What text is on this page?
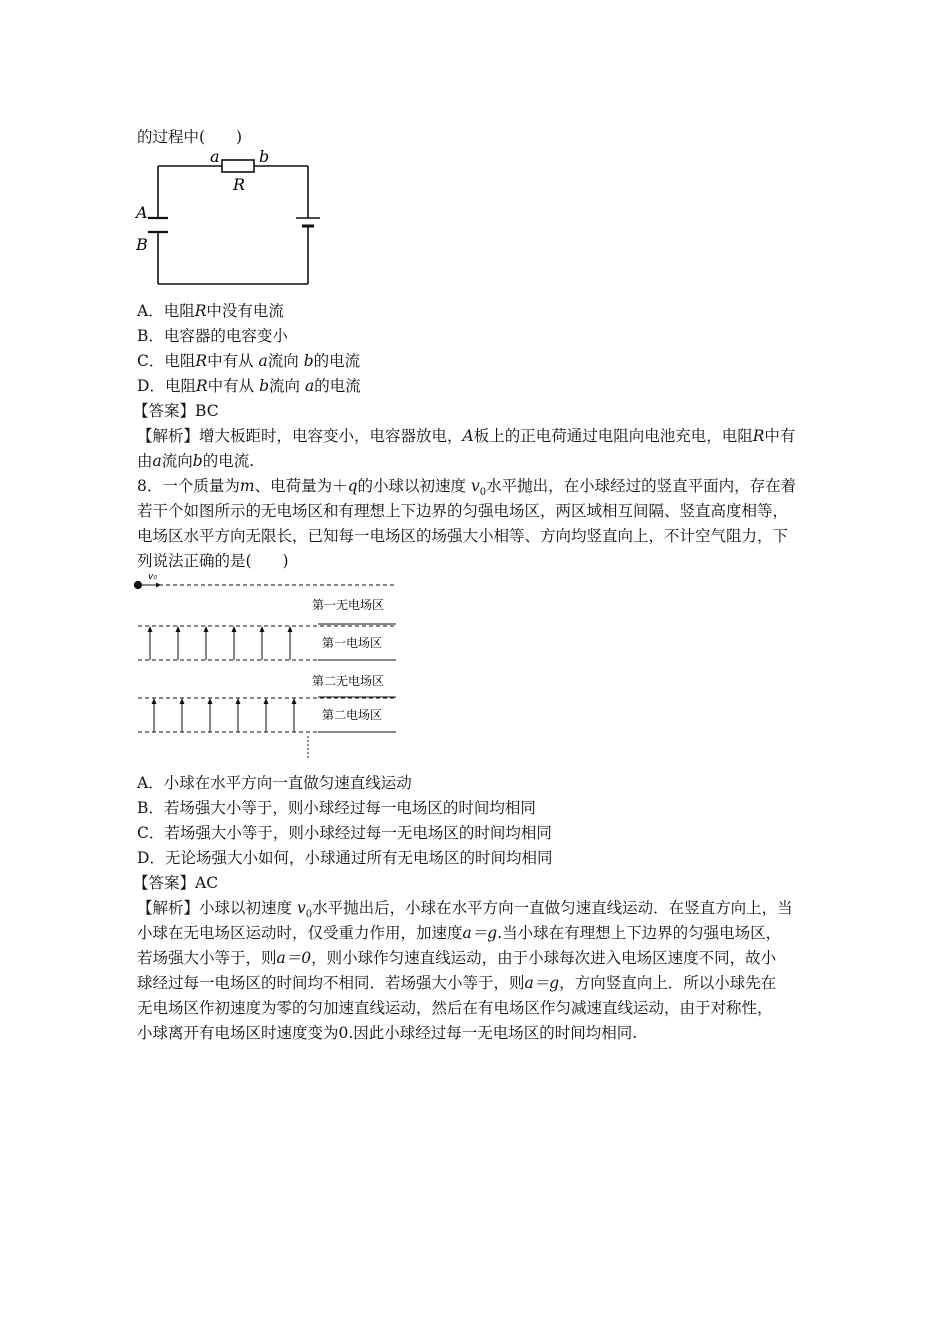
的过程中(　　)
a b
R
A
B
A．电阻R中没有电流
B．电容器的电容变小
C．电阻R中有从 a流向 b的电流
D．电阻R中有从 b流向 a的电流
【答案】BC
【解析】增大板距时，电容变小，电容器放电，A板上的正电荷通过电阻向电池充电，电阻R中有
由a流向b的电流.
8．一个质量为m、电荷量为＋q的小球以初速度 $v_0$水平抛出，在小球经过的竖直平面内，存在着
若干个如图所示的无电场区和有理想上下边界的匀强电场区，两区域相互间隔、竖直高度相等，
电场区水平方向无限长，已知每一电场区的场强大小相等、方向均竖直向上，不计空气阻力，下
列说法正确的是(　　)
v₀
第一无电场区
第一电场区
第二无电场区
第二电场区
A．小球在水平方向一直做匀速直线运动
B．若场强大小等于，则小球经过每一电场区的时间均相同
C．若场强大小等于，则小球经过每一无电场区的时间均相同
D．无论场强大小如何，小球通过所有无电场区的时间均相同
【答案】AC
【解析】小球以初速度 $v_0$水平抛出后，小球在水平方向一直做匀速直线运动．在竖直方向上，当
小球在无电场区运动时，仅受重力作用，加速度a＝g.当小球在有理想上下边界的匀强电场区，
若场强大小等于，则a＝0，则小球作匀速直线运动，由于小球每次进入电场区速度不同，故小
球经过每一电场区的时间均不相同．若场强大小等于，则a＝g，方向竖直向上．所以小球先在
无电场区作初速度为零的匀加速直线运动，然后在有电场区作匀减速直线运动，由于对称性，
小球离开有电场区时速度变为0.因此小球经过每一无电场区的时间均相同.
